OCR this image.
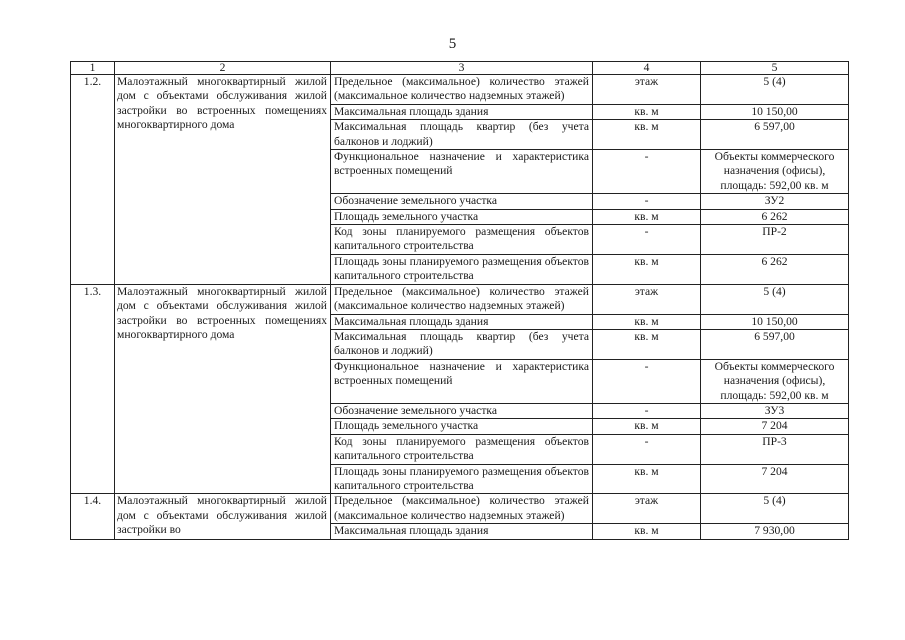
5
1	2	3	4	5
1.2.	Малоэтажный многоквартирный жилой дом с объектами обслуживания жилой застройки во встроенных помещениях многоквартирного дома	Предельное (максимальное) количество этажей (максимальное количество надземных этажей)	этаж	5 (4)
		Максимальная площадь здания	кв. м	10 150,00
		Максимальная площадь квартир (без учета балконов и лоджий)	кв. м	6 597,00
		Функциональное назначение и характеристика встроенных помещений	-	Объекты коммерческого назначения (офисы), площадь: 592,00 кв. м
		Обозначение земельного участка	-	ЗУ2
		Площадь земельного участка	кв. м	6 262
		Код зоны планируемого размещения объектов капитального строительства	-	ПР-2
		Площадь зоны планируемого размещения объектов капитального строительства	кв. м	6 262
1.3.	Малоэтажный многоквартирный жилой дом с объектами обслуживания жилой застройки во встроенных помещениях многоквартирного дома	Предельное (максимальное) количество этажей (максимальное количество надземных этажей)	этаж	5 (4)
		Максимальная площадь здания	кв. м	10 150,00
		Максимальная площадь квартир (без учета балконов и лоджий)	кв. м	6 597,00
		Функциональное назначение и характеристика встроенных помещений	-	Объекты коммерческого назначения (офисы), площадь: 592,00 кв. м
		Обозначение земельного участка	-	ЗУ3
		Площадь земельного участка	кв. м	7 204
		Код зоны планируемого размещения объектов капитального строительства	-	ПР-3
		Площадь зоны планируемого размещения объектов капитального строительства	кв. м	7 204
1.4.	Малоэтажный многоквартирный жилой дом с объектами обслуживания жилой застройки во	Предельное (максимальное) количество этажей (максимальное количество надземных этажей)	этаж	5 (4)
		Максимальная площадь здания	кв. м	7 930,00
